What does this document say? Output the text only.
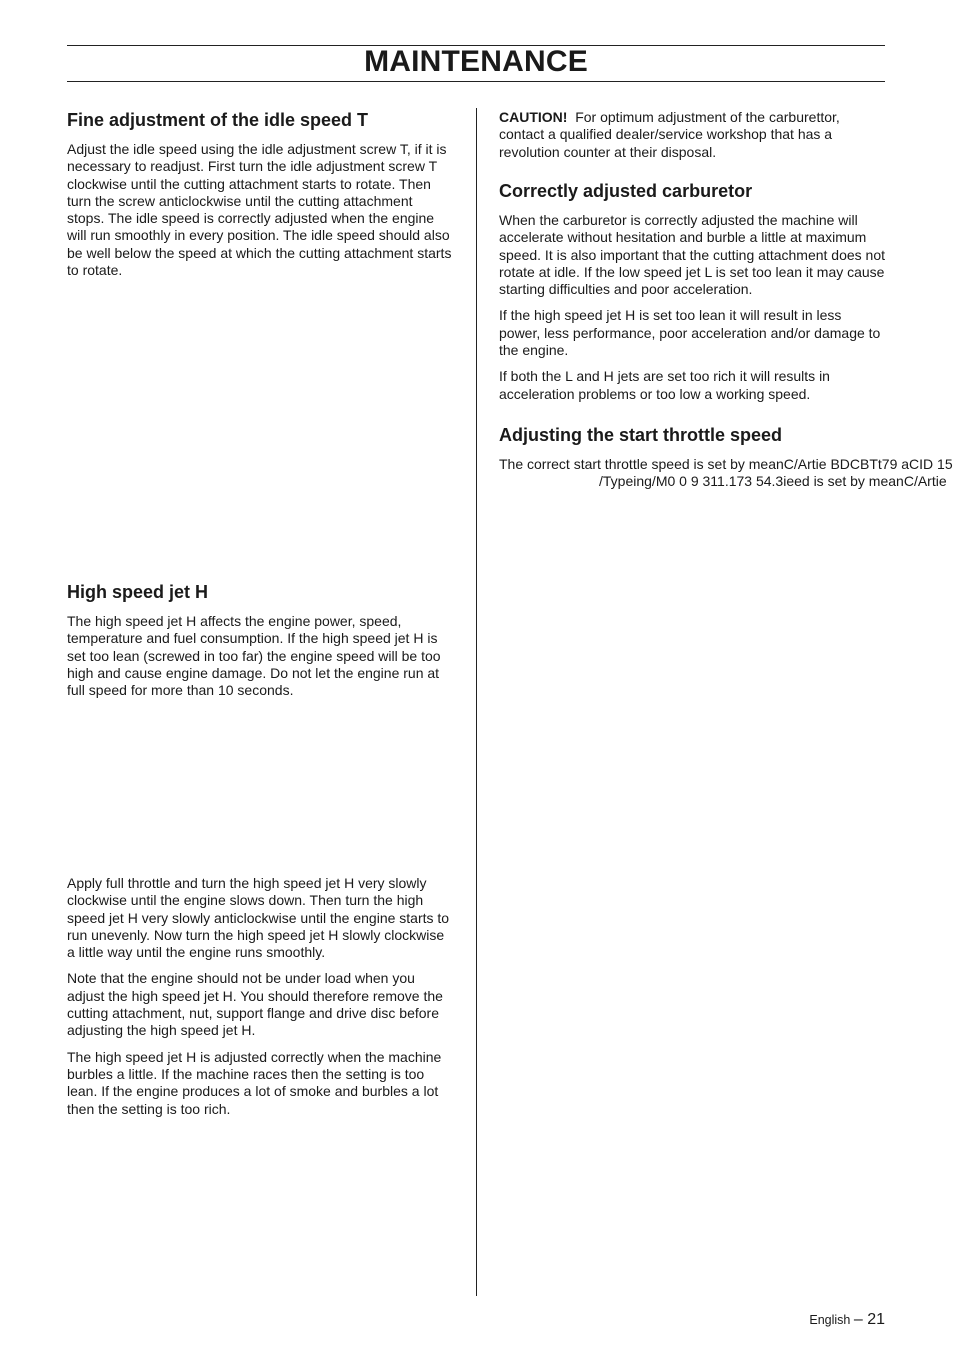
MAINTENANCE
Fine adjustment of the idle speed T

Adjust the idle speed using the idle adjustment screw T, if it is necessary to readjust. First turn the idle adjustment screw T clockwise until the cutting attachment starts to rotate. Then turn the screw anticlockwise until the cutting attachment stops. The idle speed is correctly adjusted when the engine will run smoothly in every position. The idle speed should also be well below the speed at which the cutting attachment starts to rotate.

High speed jet H

The high speed jet H affects the engine power, speed, temperature and fuel consumption. If the high speed jet H is set too lean (screwed in too far) the engine speed will be too high and cause engine damage. Do not let the engine run at full speed for more than 10 seconds.

Apply full throttle and turn the high speed jet H very slowly clockwise until the engine slows down. Then turn the high speed jet H very slowly anticlockwise until the engine starts to run unevenly. Now turn the high speed jet H slowly clockwise a little way until the engine runs smoothly.

Note that the engine should not be under load when you adjust the high speed jet H. You should therefore remove the cutting attachment, nut, support flange and drive disc before adjusting the high speed jet H.

The high speed jet H is adjusted correctly when the machine burbles a little. If the machine races then the setting is too lean. If the engine produces a lot of smoke and burbles a lot then the setting is too rich.

CAUTION! For optimum adjustment of the carburettor, contact a qualified dealer/service workshop that has a revolution counter at their disposal.

Correctly adjusted carburetor

When the carburetor is correctly adjusted the machine will accelerate without hesitation and burble a little at maximum speed. It is also important that the cutting attachment does not rotate at idle. If the low speed jet L is set too lean it may cause starting difficulties and poor acceleration.

If the high speed jet H is set too lean it will result in less power, less performance, poor acceleration and/or damage to the engine.

If both the L and H jets are set too rich it will results in acceleration problems or too low a working speed.

Adjusting the start throttle speed

The correct start throttle speed is set by meanC/Artie BDCBTt79 aCID 15

/Typeing/M0 0 9 311.173 54.3ieed is set by meanC/Artie

English – 21
